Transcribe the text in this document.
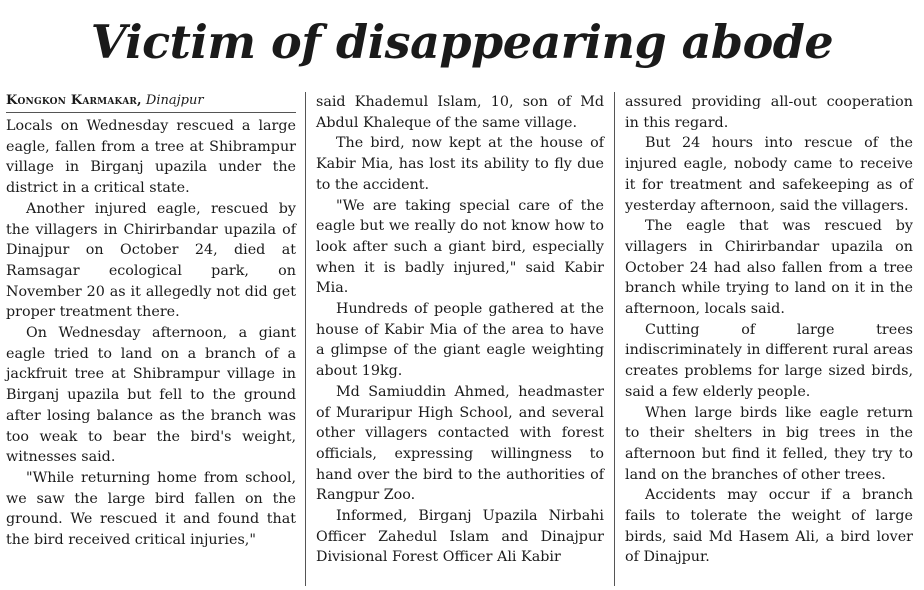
Victim of disappearing abode
Kongkon Karmakar, Dinajpur

Locals on Wednesday rescued a large eagle, fallen from a tree at Shibrampur village in Birganj upazila under the district in a critical state.

Another injured eagle, rescued by the villagers in Chirirbandar upazila of Dinajpur on October 24, died at Ramsagar ecological park, on November 20 as it allegedly not did get proper treatment there.

On Wednesday afternoon, a giant eagle tried to land on a branch of a jackfruit tree at Shibrampur village in Birganj upazila but fell to the ground after losing balance as the branch was too weak to bear the bird's weight, witnesses said.

"While returning home from school, we saw the large bird fallen on the ground. We rescued it and found that the bird received critical injuries,"

said Khademul Islam, 10, son of Md Abdul Khaleque of the same village.

The bird, now kept at the house of Kabir Mia, has lost its ability to fly due to the accident.

"We are taking special care of the eagle but we really do not know how to look after such a giant bird, especially when it is badly injured," said Kabir Mia.

Hundreds of people gathered at the house of Kabir Mia of the area to have a glimpse of the giant eagle weighting about 19kg.

Md Samiuddin Ahmed, headmaster of Muraripur High School, and several other villagers contacted with forest officials, expressing willingness to hand over the bird to the authorities of Rangpur Zoo.

Informed, Birganj Upazila Nirbahi Officer Zahedul Islam and Dinajpur Divisional Forest Officer Ali Kabir

assured providing all-out cooperation in this regard.

But 24 hours into rescue of the injured eagle, nobody came to receive it for treatment and safekeeping as of yesterday afternoon, said the villagers.

The eagle that was rescued by villagers in Chirirbandar upazila on October 24 had also fallen from a tree branch while trying to land on it in the afternoon, locals said.

Cutting of large trees indiscriminately in different rural areas creates problems for large sized birds, said a few elderly people.

When large birds like eagle return to their shelters in big trees in the afternoon but find it felled, they try to land on the branches of other trees.

Accidents may occur if a branch fails to tolerate the weight of large birds, said Md Hasem Ali, a bird lover of Dinajpur.
